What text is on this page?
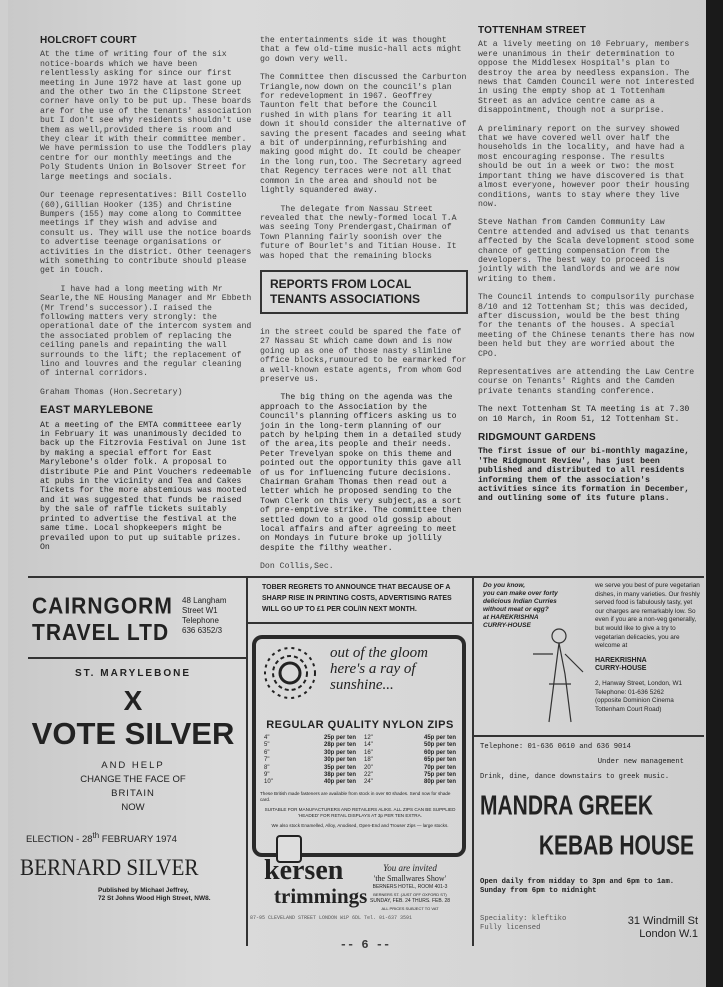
HOLCROFT COURT

At the time of writing four of the six notice-boards which we have been relentlessly asking for since our first meeting in June 1972 have at last gone up and the other two in the Clipstone Street corner have only to be put up. These boards are for the use of the tenants' association but I don't see why residents shouldn't use them as well,provided there is room and they clear it with their committee member. We have permission to use the Toddlers play centre for our monthly meetings and the Poly Students Union in Bolsover Street for large meetings and socials.

Our teenage representatives: Bill Costello (60),Gillian Hooker (135) and Christine Bumpers (155) may come along to Committee meetings if they wish and advise and consult us. They will use the notice boards to advertise teenage organisations or activities in the district. Other teenagers with something to contribute should please get in touch.

I have had a long meeting with Mr Searle,the NE Housing Manager and Mr Ebbeth (Mr Trend's successor).I raised the following matters very strongly: the operational date of the intercom system and the associated problem of replacing the ceiling panels and repainting the wall surrounds to the lift; the replacement of lino and louvres and the regular cleaning of internal corridors.

Graham Thomas (Hon.Secretary)

EAST MARYLEBONE

At a meeting of the EMTA committeee early in February it was unanimously decided to back up the Fitzrovia Festival on June 1st by making a special effort for East Marylebone's older folk. A proposal to distribute Pie and Pint Vouchers redeemable at pubs in the vicinity and Tea and Cakes Tickets for the more abstemious was mooted and it was suggested that funds be raised by the sale of raffle tickets suitably printed to advertise the festival at the same time. Local shopkeepers might be prevailed upon to put up suitable prizes. On

the entertainments side it was thought that a few old-time music-hall acts might go down very well.

The Committee then discussed the Carburton Triangle,now down on the council's plan for redevelopment in 1967. Geoffrey Taunton felt that before the Council rushed in with plans for tearing it all down it should consider the alternative of saving the present facades and seeing what a bit of underpinning,refurbishing and making good might do. It could be cheaper in the long run,too. The Secretary agreed that Regency terraces were not all that common in the area and should not be lightly squandered away.

The delegate from Nassau Street revealed that the newly-formed local T.A was seeing Tony Prendergast,Chairman of Town Planning fairly soonish over the future of Bourlet's and Titian House. It was hoped that the remaining blocks

REPORTS FROM LOCAL
TENANTS ASSOCIATIONS

in the street could be spared the fate of 27 Nassau St which came down and is now going up as one of those nasty slimline office blocks,rumoured to be earmarked for a well-known estate agents, from whom God preserve us.

The big thing on the agenda was the approach to the Association by the Council's planning officers asking us to join in the long-term planning of our patch by helping them in a detailed study of the area,its people and their needs. Peter Trevelyan spoke on this theme and pointed out the opportunity this gave all of us for influencing future decisions. Chairman Graham Thomas then read out a letter which he proposed sending to the Town Clerk on this very subject,as a sort of pre-emptive strike. The committee then settled down to a good old gossip about local affairs and after agreeing to meet on Mondays in future broke up jollily despite the filthy weather.

Don Collis,Sec.

TOTTENHAM STREET

At a lively meeting on 10 February, members were unanimous in their determination to oppose the Middlesex Hospital's plan to destroy the area by needless expansion. The news that Camden Council were not interested in using the empty shop at 1 Tottenham Street as an advice centre came as a disappointment, though not a surprise.

A preliminary report on the survey showed that we have covered well over half the households in the locality, and have had a most encouraging response. The results should be out in a week or two: the most important thing we have discovered is that almost everyone, however poor their housing conditions, wants to stay where they live now.

Steve Nathan from Camden Community Law Centre attended and advised us that tenants affected by the Scala development stood some chance of getting compensation from the developers. The best way to proceed is jointly with the landlords and we are now writing to them.

The Council intends to compulsorily purchase 8/10 and 12 Tottenham St; this was decided, after discussion, would be the best thing for the tenants of the houses. A special meeting of the Chinese tenants there has now been held but they are worried about the CPO.

Representatives are attending the Law Centre course on Tenants' Rights and the Camden private tenants standing conference.

The next Tottenham St TA meeting is at 7.30 on 10 March, in Room 51, 12 Tottenham St.

RIDGMOUNT GARDENS

The first issue of our bi-monthly magazine, 'The Ridgmount Review', has just been published and distributed to all residents informing them of the association's activities since its formation in December, and outlining some of its future plans.

CAIRNGORM
TRAVEL LTD
48 Langham
Street W1
Telephone
636 6352/3
ST. MARYLEBONE
X
VOTE SILVER
AND HELP
CHANGE THE FACE OF
BRITAIN
NOW
ELECTION - 28th FEBRUARY 1974
BERNARD SILVER
Published by Michael Jeffrey,
72 St Johns Wood High Street, NW8.
TOBER REGRETS TO ANNOUNCE THAT BECAUSE OF A SHARP RISE IN PRINTING COSTS, ADVERTISING RATES WILL GO UP TO £1 PER COL/IN NEXT MONTH.
out of the gloom
here's a ray of
sunshine...
REGULAR QUALITY NYLON ZIPS
4"	25p per ten
5"	28p per ten
6"	30p per ten
7"	30p per ten
8"	35p per ten
9"	38p per ten
10"	40p per ten
12"	45p per ten
14"	50p per ten
16"	60p per ten
18"	65p per ten
20"	70p per ten
22"	75p per ten
24"	80p per ten
These British made fasteners are available from stock in over 60 shades. Send now for shade card.
SUITABLE FOR MANUFACTURERS AND RETAILERS ALIKE. ALL ZIPS CAN BE SUPPLIED 'HEADED' FOR RETAIL DISPLAYS AT 3p PER TEN EXTRA.
We also stock Enamelled, Alloy, Anodised, Open-End and Trouser Zips — large stocks.
You are invited
'the Smallwares Show'
BERNERS HOTEL, ROOM 401-3
BERNERS ST. (JUST OFF OXFORD ST)
SUNDAY, FEB. 24 THURS. FEB. 28
ALL PRICES SUBJECT TO VAT
kersen
trimmings
87-95 CLEVELAND STREET LONDON W1P 6DL Tel. 01-637 3591
Do you know,
you can make over forty
delicious Indian Curries
without meat or egg?
at HAREKRISHNA
CURRY-HOUSE
we serve you best of pure vegetarian dishes, in many varieties. Our freshly served food is fabulously tasty, yet our charges are remarkably low. So even if you are a non-veg generally, but would like to give a try to vegetarian delicacies, you are welcome at
HAREKRISHNA
CURRY-HOUSE
2, Hanway Street, London, W1
Telephone: 01-636 5262
(opposite Dominion Cinema
Tottenham Court Road)
Telephone: 01-636 0610 and 636 9014
Under new management
Drink, dine, dance downstairs to greek music.
MANDRA GREEK
KEBAB HOUSE
Open daily from midday to 3pm and 6pm to 1am. Sunday from 6pm to midnight
Speciality: kleftiko
Fully licensed
31 Windmill St
London W.1
-- 6 --
